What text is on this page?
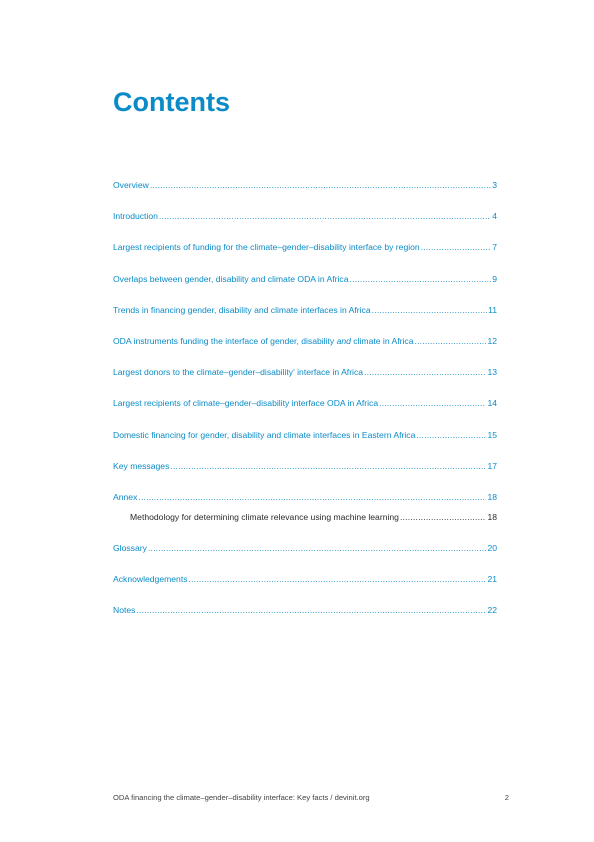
Contents
Overview .....	3
Introduction .....	4
Largest recipients of funding for the climate–gender–disability interface by region .....	7
Overlaps between gender, disability and climate ODA in Africa .....	9
Trends in financing gender, disability and climate interfaces in Africa .....	11
ODA instruments funding the interface of gender, disability and climate in Africa .....	12
Largest donors to the climate–gender–disability' interface in Africa .....	13
Largest recipients of climate–gender–disability interface ODA in Africa .....	14
Domestic financing for gender, disability and climate interfaces in Eastern Africa .....	15
Key messages .....	17
Annex .....	18
Methodology for determining climate relevance using machine learning .....	18
Glossary .....	20
Acknowledgements .....	21
Notes .....	22
ODA financing the climate–gender–disability interface: Key facts / devinit.org	2
